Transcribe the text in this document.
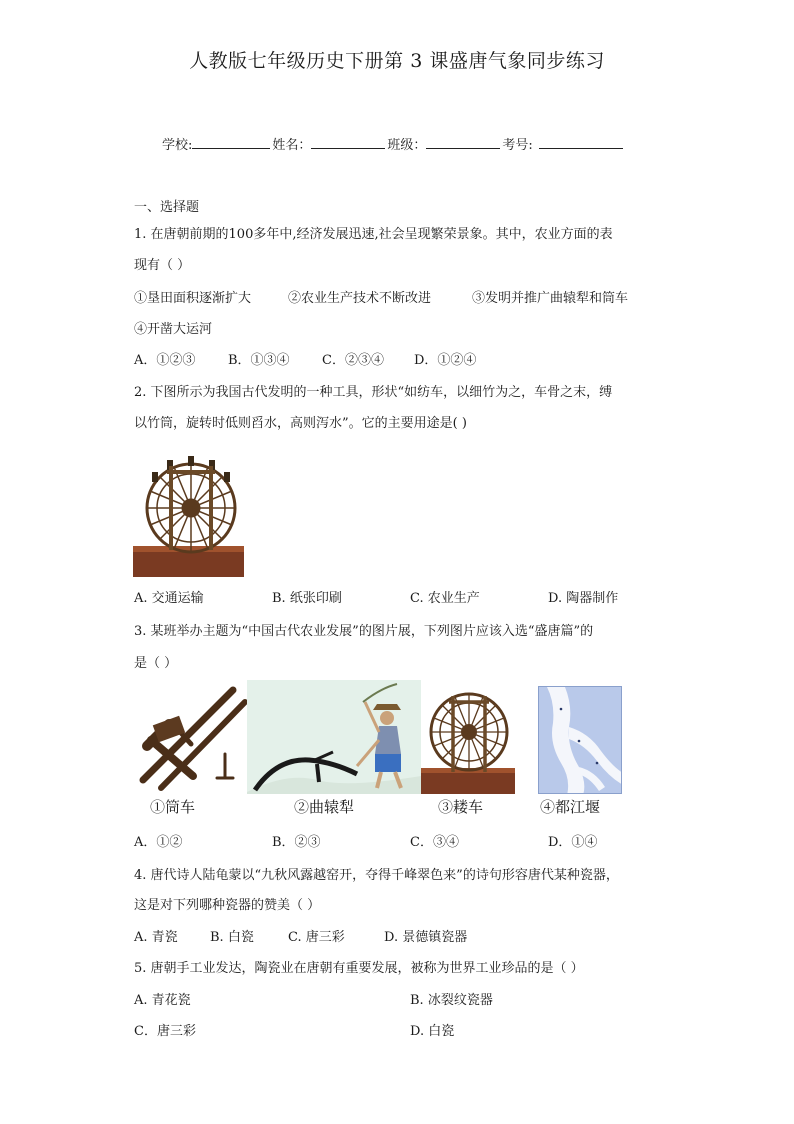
人教版七年级历史下册第 3 课盛唐气象同步练习
学校:	姓名：	班级：	考号:
一、选择题
1. 在唐朝前期的100多年中,经济发展迅速,社会呈现繁荣景象。其中，农业方面的表
现有（ ）
①垦田面积逐渐扩大	②农业生产技术不断改进	③发明并推广曲辕犁和筒车
④开凿大运河
A．①②③	B．①③④ C．②③④ D．①②④
2. 下图所示为我国古代发明的一种工具，形状“如纺车，以细竹为之，车骨之末，缚
以竹筒，旋转时低则舀水，高则泻水”。它的主要用途是( )
A. 交通运输	B. 纸张印刷	C. 农业生产	D. 陶器制作
3. 某班举办主题为“中国古代农业发展”的图片展，下列图片应该入选“盛唐篇”的
是（ ）
①筒车	②曲辕犁	③耧车	④都江堰
A．①②	B．②③	C．③④	D．①④
4. 唐代诗人陆龟蒙以“九秋风露越窑开，夺得千峰翠色来”的诗句形容唐代某种瓷器，
这是对下列哪种瓷器的赞美（ ）
A. 青瓷 B. 白瓷	C. 唐三彩	D. 景德镇瓷器
5. 唐朝手工业发达，陶瓷业在唐朝有重要发展，被称为世界工业珍品的是（ ）
A. 青花瓷	B. 冰裂纹瓷器
C．唐三彩	D. 白瓷
